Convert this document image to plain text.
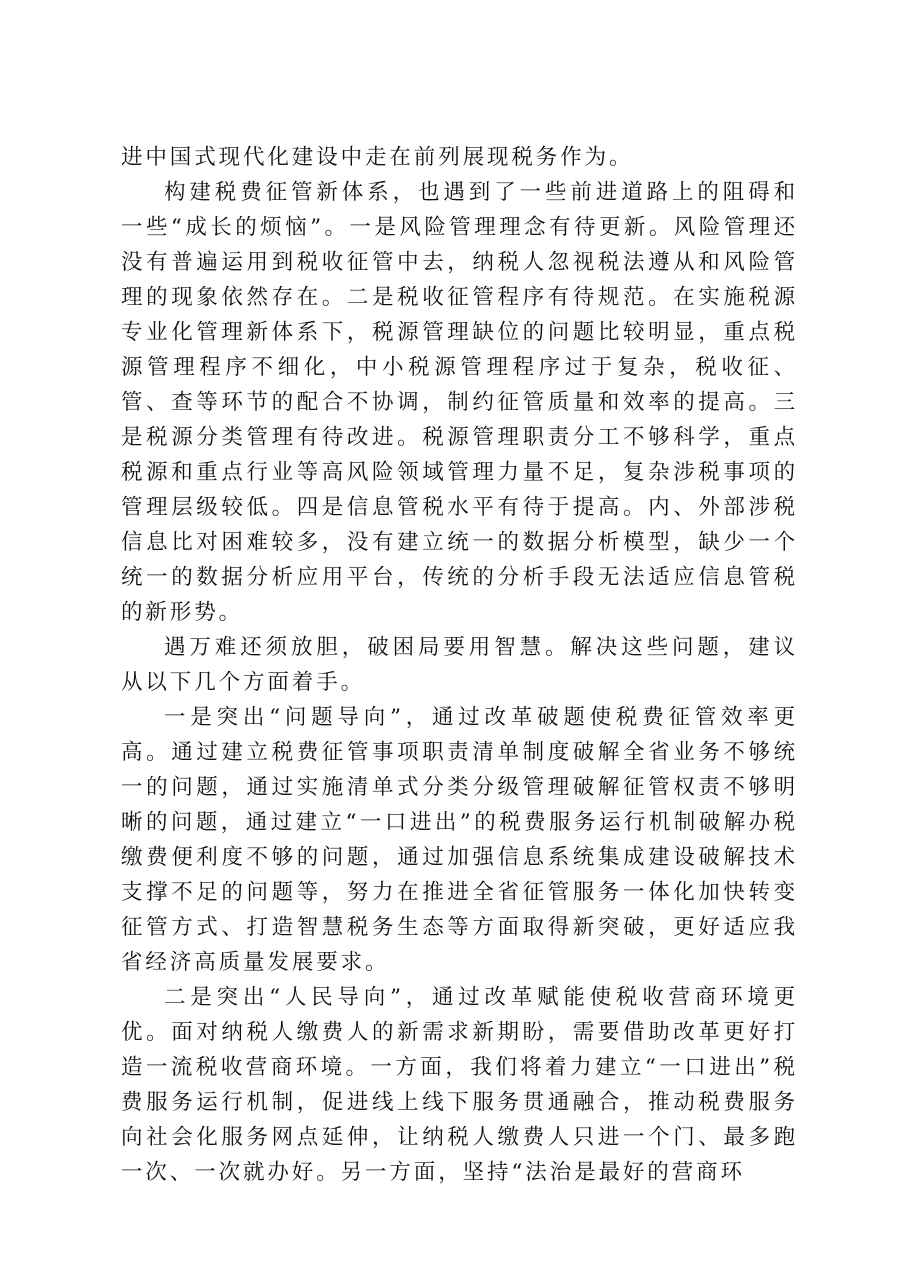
进中国式现代化建设中走在前列展现税务作为。

构建税费征管新体系，也遇到了一些前进道路上的阻碍和一些“成长的烦恼”。一是风险管理理念有待更新。风险管理还没有普遍运用到税收征管中去，纳税人忽视税法遵从和风险管理的现象依然存在。二是税收征管程序有待规范。在实施税源专业化管理新体系下，税源管理缺位的问题比较明显，重点税源管理程序不细化，中小税源管理程序过于复杂，税收征、管、查等环节的配合不协调，制约征管质量和效率的提高。三是税源分类管理有待改进。税源管理职责分工不够科学，重点税源和重点行业等高风险领域管理力量不足，复杂涉税事项的管理层级较低。四是信息管税水平有待于提高。内、外部涉税信息比对困难较多，没有建立统一的数据分析模型，缺少一个统一的数据分析应用平台，传统的分析手段无法适应信息管税的新形势。

遇万难还须放胆，破困局要用智慧。解决这些问题，建议从以下几个方面着手。

一是突出“问题导向”，通过改革破题使税费征管效率更高。通过建立税费征管事项职责清单制度破解全省业务不够统一的问题，通过实施清单式分类分级管理破解征管权责不够明晰的问题，通过建立“一口进出”的税费服务运行机制破解办税缴费便利度不够的问题，通过加强信息系统集成建设破解技术支撑不足的问题等，努力在推进全省征管服务一体化加快转变征管方式、打造智慧税务生态等方面取得新突破，更好适应我省经济高质量发展要求。

二是突出“人民导向”，通过改革赋能使税收营商环境更优。面对纳税人缴费人的新需求新期盼，需要借助改革更好打造一流税收营商环境。一方面，我们将着力建立“一口进出”税费服务运行机制，促进线上线下服务贯通融合，推动税费服务向社会化服务网点延伸，让纳税人缴费人只进一个门、最多跑一次、一次就办好。另一方面，坚持“法治是最好的营商环
